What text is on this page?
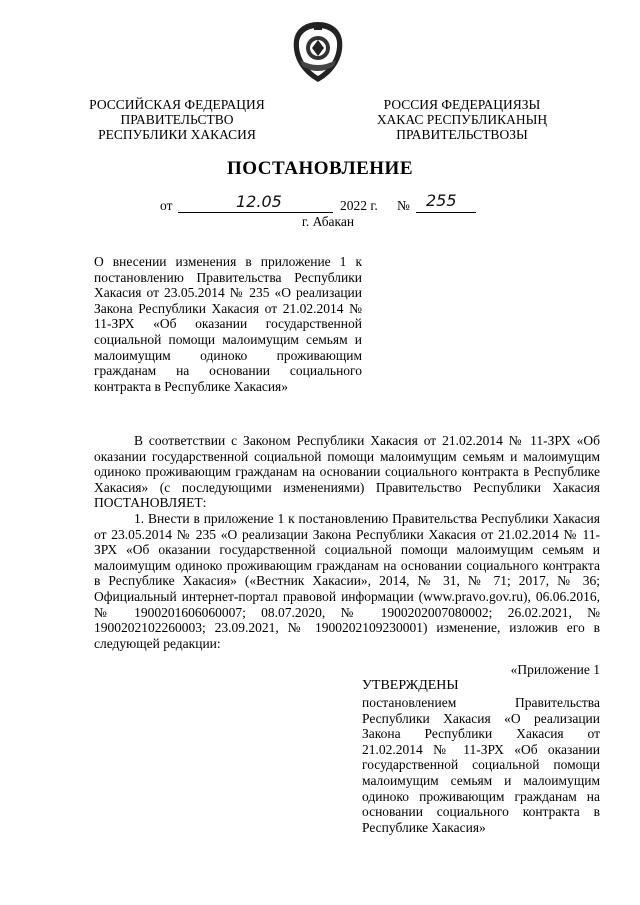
РОССИЙСКАЯ ФЕДЕРАЦИЯ
ПРАВИТЕЛЬСТВО
РЕСПУБЛИКИ ХАКАСИЯ
РОССИЯ ФЕДЕРАЦИЯЗЫ
ХАКАС РЕСПУБЛИКАНЫҢ
ПРАВИТЕЛЬСТВОЗЫ
ПОСТАНОВЛЕНИЕ
от	12.05	2022 г. № 255
г. Абакан
О внесении изменения в приложение 1 к постановлению Правительства Республики Хакасия от 23.05.2014 № 235 «О реализации Закона Республики Хакасия от 21.02.2014 № 11-ЗРХ «Об оказании государственной социальной помощи малоимущим семьям и малоимущим одиноко проживающим гражданам на основании социального контракта в Республике Хакасия»

В соответствии с Законом Республики Хакасия от 21.02.2014 № 11-ЗРХ «Об оказании государственной социальной помощи малоимущим семьям и малоимущим одиноко проживающим гражданам на основании социального контракта в Республике Хакасия» (с последующими изменениями) Правительство Республики Хакасия ПОСТАНОВЛЯЕТ:

1. Внести в приложение 1 к постановлению Правительства Республики Хакасия от 23.05.2014 № 235 «О реализации Закона Республики Хакасия от 21.02.2014 № 11-ЗРХ «Об оказании государственной социальной помощи малоимущим семьям и малоимущим одиноко проживающим гражданам на основании социального контракта в Республике Хакасия» («Вестник Хакасии», 2014, № 31, № 71; 2017, № 36; Официальный интернет-портал правовой информации (www.pravo.gov.ru), 06.06.2016, № 1900201606060007; 08.07.2020, № 1900202007080002; 26.02.2021, № 1900202102260003; 23.09.2021, № 1900202109230001) изменение, изложив его в следующей редакции:

«Приложение 1
УТВЕРЖДЕНЫ
постановлением Правительства Республики Хакасия «О реализации Закона Республики Хакасия от 21.02.2014 № 11-ЗРХ «Об оказании государственной социальной помощи малоимущим семьям и малоимущим одиноко проживающим гражданам на основании социального контракта в Республике Хакасия»
